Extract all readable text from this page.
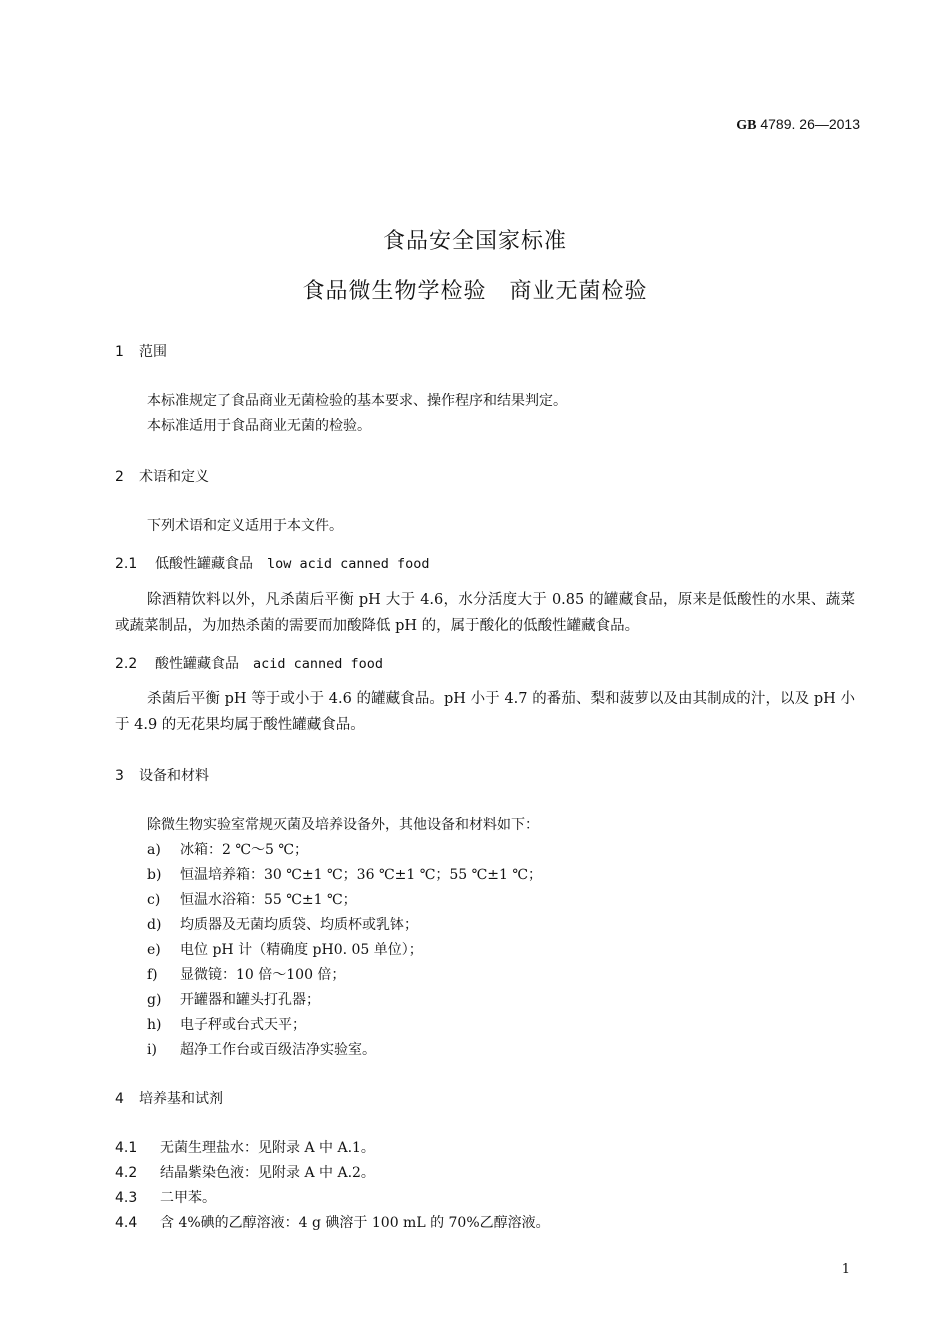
GB 4789. 26—2013
食品安全国家标准
食品微生物学检验　商业无菌检验
1 范围
本标准规定了食品商业无菌检验的基本要求、操作程序和结果判定。
本标准适用于食品商业无菌的检验。
2 术语和定义
下列术语和定义适用于本文件。
2.1 低酸性罐藏食品 low acid canned food
除酒精饮料以外，凡杀菌后平衡 pH 大于 4.6，水分活度大于 0.85 的罐藏食品，原来是低酸性的水果、蔬菜或蔬菜制品，为加热杀菌的需要而加酸降低 pH 的，属于酸化的低酸性罐藏食品。
2.2 酸性罐藏食品 acid canned food
杀菌后平衡 pH 等于或小于 4.6 的罐藏食品。pH 小于 4.7 的番茄、梨和菠萝以及由其制成的汁，以及 pH 小于 4.9 的无花果均属于酸性罐藏食品。
3 设备和材料
除微生物实验室常规灭菌及培养设备外，其他设备和材料如下：
a) 冰箱：2 ℃～5 ℃；
b) 恒温培养箱：30 ℃±1 ℃；36 ℃±1 ℃；55 ℃±1 ℃；
c) 恒温水浴箱：55 ℃±1 ℃；
d) 均质器及无菌均质袋、均质杯或乳钵；
e) 电位 pH 计（精确度 pH0. 05 单位）；
f) 显微镜：10 倍～100 倍；
g) 开罐器和罐头打孔器；
h) 电子秤或台式天平；
i) 超净工作台或百级洁净实验室。
4 培养基和试剂
4.1 无菌生理盐水：见附录 A 中 A.1。
4.2 结晶紫染色液：见附录 A 中 A.2。
4.3 二甲苯。
4.4 含 4%碘的乙醇溶液：4 g 碘溶于 100 mL 的 70%乙醇溶液。
1
